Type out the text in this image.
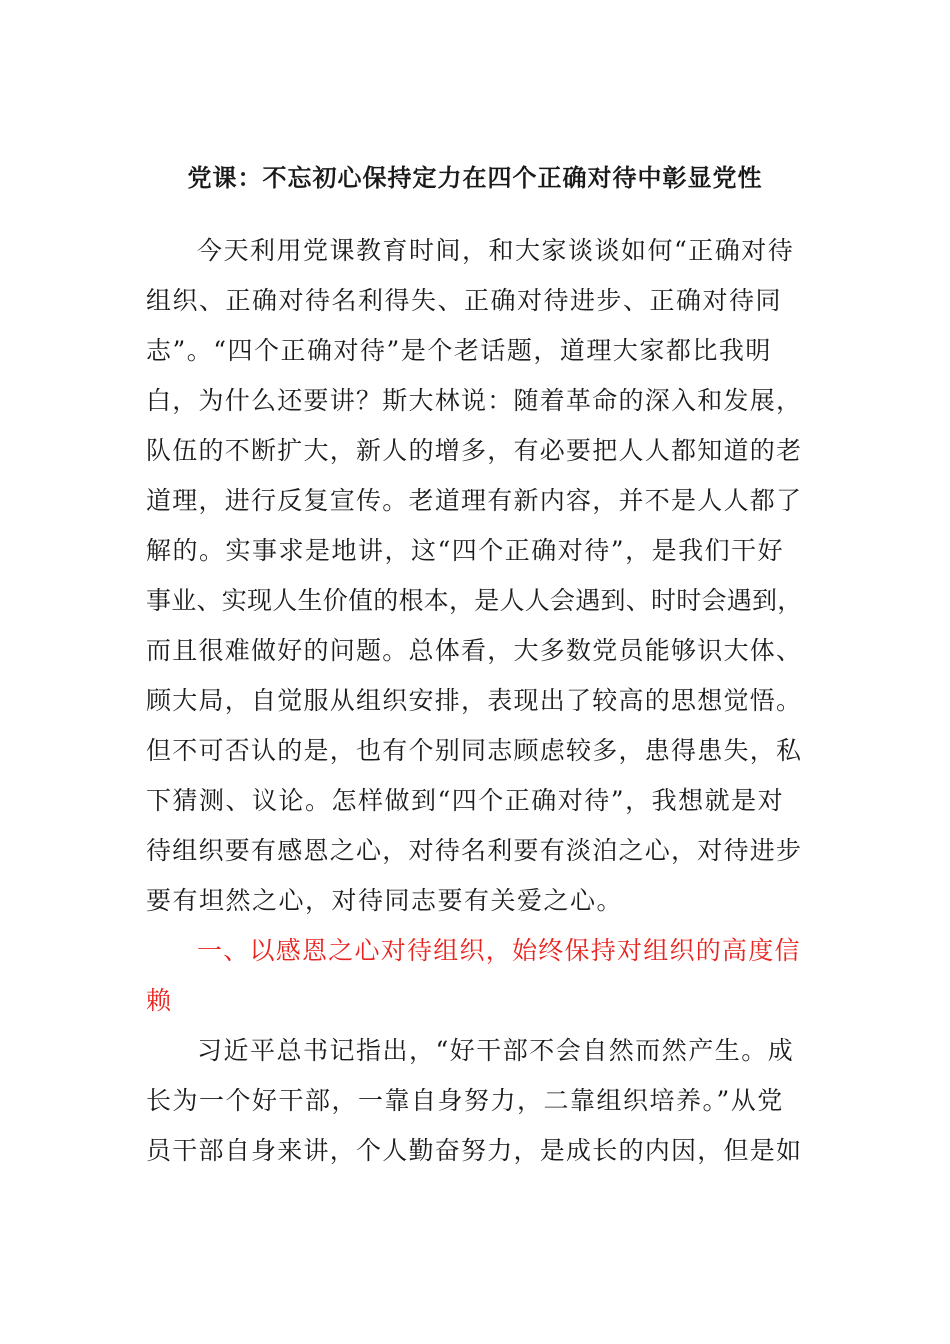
党课：不忘初心保持定力在四个正确对待中彰显党性
今天利用党课教育时间，和大家谈谈如何“正确对待
组织、正确对待名利得失、正确对待进步、正确对待同
志”。“四个正确对待”是个老话题，道理大家都比我明
白，为什么还要讲？斯大林说：随着革命的深入和发展，
队伍的不断扩大，新人的增多，有必要把人人都知道的老
道理，进行反复宣传。老道理有新内容，并不是人人都了
解的。实事求是地讲，这“四个正确对待”，是我们干好
事业、实现人生价值的根本，是人人会遇到、时时会遇到，
而且很难做好的问题。总体看，大多数党员能够识大体、
顾大局，自觉服从组织安排，表现出了较高的思想觉悟。
但不可否认的是，也有个别同志顾虑较多，患得患失，私
下猜测、议论。怎样做到“四个正确对待”，我想就是对
待组织要有感恩之心，对待名利要有淡泊之心，对待进步
要有坦然之心，对待同志要有关爱之心。
一、以感恩之心对待组织，始终保持对组织的高度信
赖
习近平总书记指出，“好干部不会自然而然产生。成
长为一个好干部，一靠自身努力，二靠组织培养。”从党
员干部自身来讲，个人勤奋努力，是成长的内因，但是如
